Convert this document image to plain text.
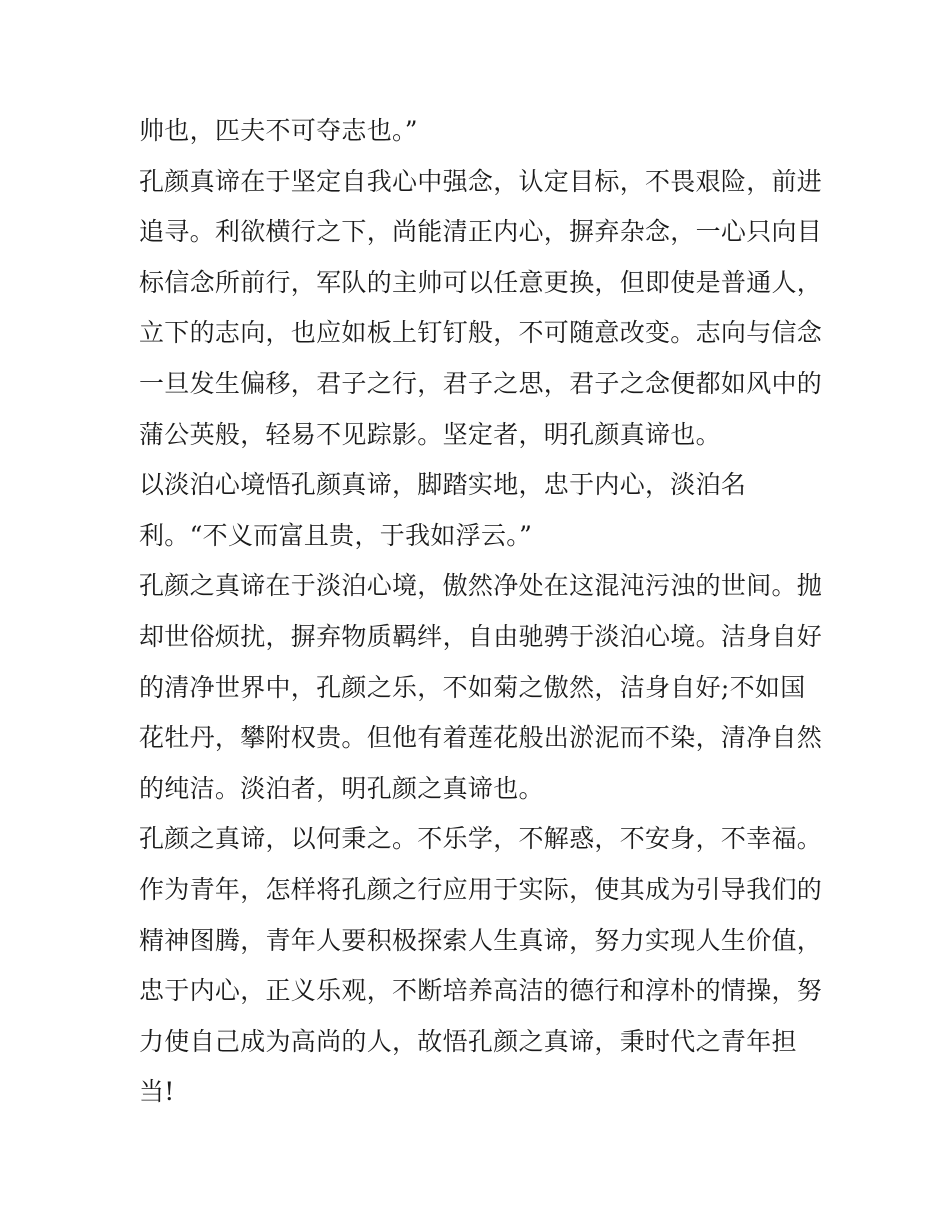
帅也，匹夫不可夺志也。”
孔颜真谛在于坚定自我心中强念，认定目标，不畏艰险，前进
追寻。利欲横行之下，尚能清正内心，摒弃杂念，一心只向目
标信念所前行，军队的主帅可以任意更换，但即使是普通人，
立下的志向，也应如板上钉钉般，不可随意改变。志向与信念
一旦发生偏移，君子之行，君子之思，君子之念便都如风中的
蒲公英般，轻易不见踪影。坚定者，明孔颜真谛也。
以淡泊心境悟孔颜真谛，脚踏实地，忠于内心，淡泊名
利。“不义而富且贵，于我如浮云。”
孔颜之真谛在于淡泊心境，傲然净处在这混沌污浊的世间。抛
却世俗烦扰，摒弃物质羁绊，自由驰骋于淡泊心境。洁身自好
的清净世界中，孔颜之乐，不如菊之傲然，洁身自好;不如国
花牡丹，攀附权贵。但他有着莲花般出淤泥而不染，清净自然
的纯洁。淡泊者，明孔颜之真谛也。
孔颜之真谛，以何秉之。不乐学，不解惑，不安身，不幸福。
作为青年，怎样将孔颜之行应用于实际，使其成为引导我们的
精神图腾，青年人要积极探索人生真谛，努力实现人生价值，
忠于内心，正义乐观，不断培养高洁的德行和淳朴的情操，努
力使自己成为高尚的人，故悟孔颜之真谛，秉时代之青年担
当!
